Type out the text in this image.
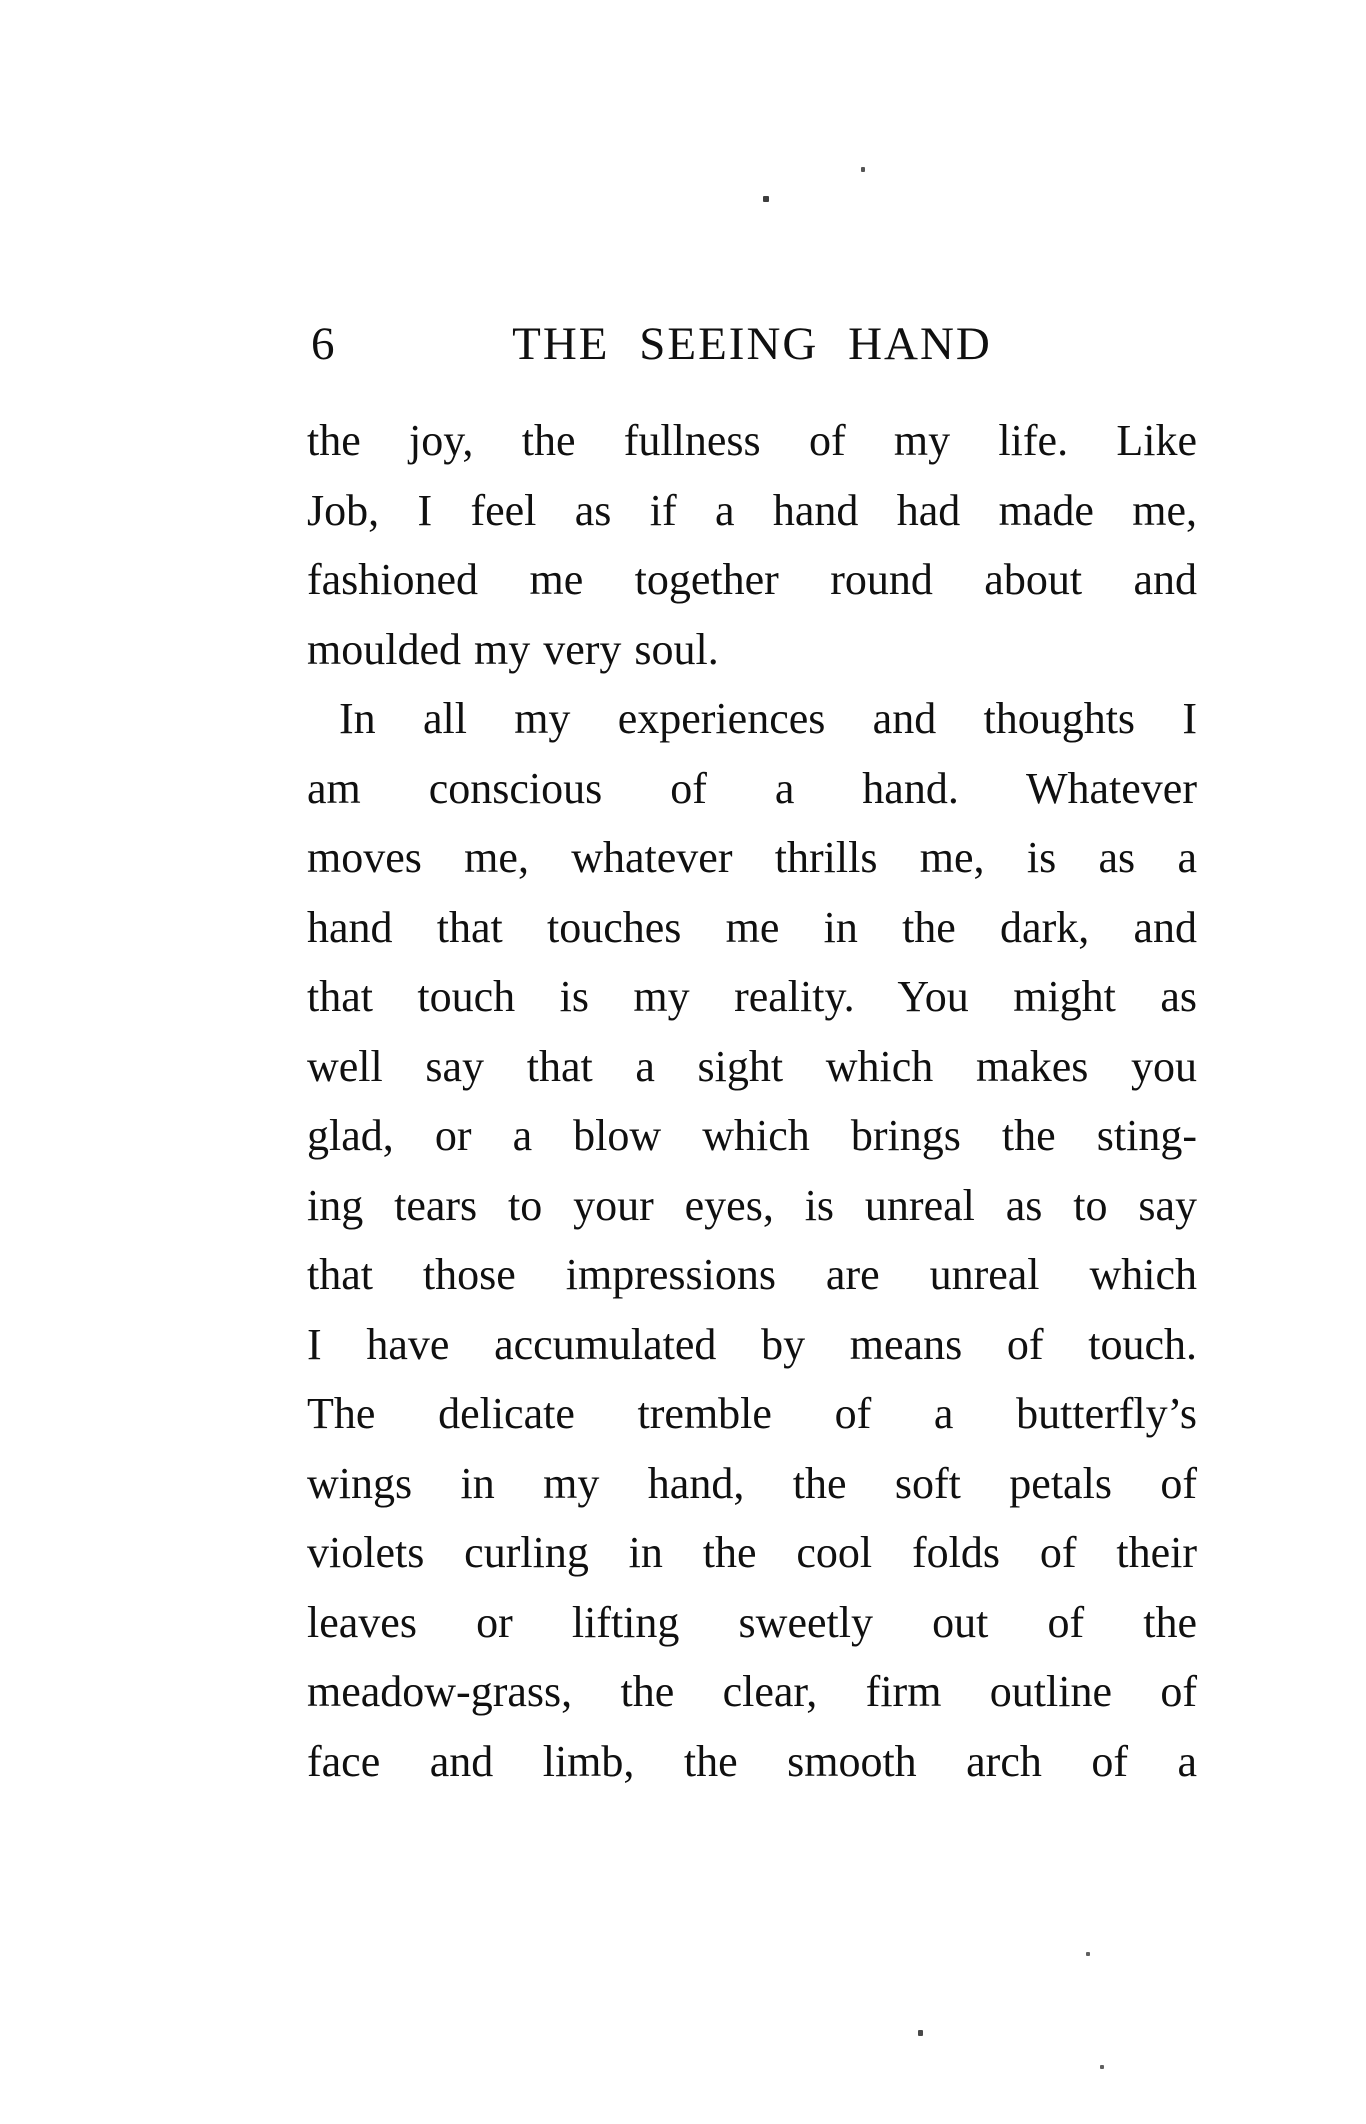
6	THE SEEING HAND
the joy, the fullness of my life. Like
Job, I feel as if a hand had made me,
fashioned me together round about and
moulded my very soul.
In all my experiences and thoughts I
am conscious of a hand. Whatever
moves me, whatever thrills me, is as a
hand that touches me in the dark, and
that touch is my reality. You might as
well say that a sight which makes you
glad, or a blow which brings the sting-
ing tears to your eyes, is unreal as to say
that those impressions are unreal which
I have accumulated by means of touch.
The delicate tremble of a butterfly’s
wings in my hand, the soft petals of
violets curling in the cool folds of their
leaves or lifting sweetly out of the
meadow-grass, the clear, firm outline of
face and limb, the smooth arch of a
